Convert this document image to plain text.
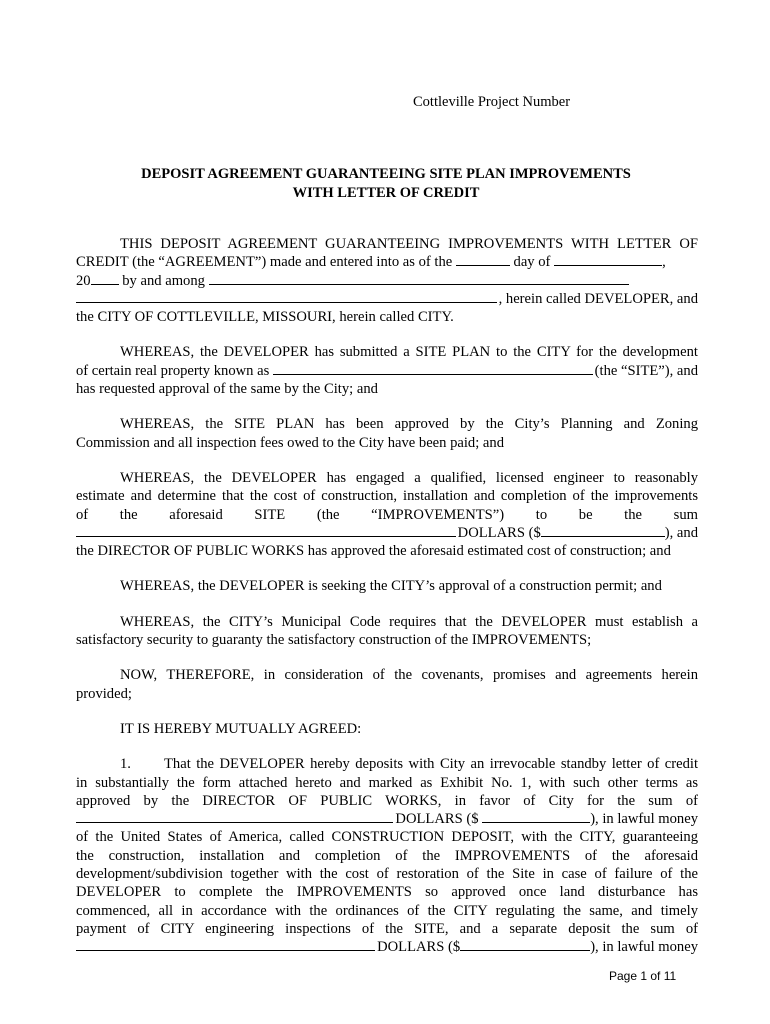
Cottleville Project Number
DEPOSIT AGREEMENT GUARANTEEING SITE PLAN IMPROVEMENTS
WITH LETTER OF CREDIT

THIS DEPOSIT AGREEMENT GUARANTEEING IMPROVEMENTS WITH LETTER OF
CREDIT (the “AGREEMENT”) made and entered into as of the	day of	,
20 by and among
, herein called DEVELOPER, and
the CITY OF COTTLEVILLE, MISSOURI, herein called CITY.

WHEREAS, the DEVELOPER has submitted a SITE PLAN to the CITY for the development
of certain real property known as
	(the “SITE”), and
has requested approval of the same by the City; and

WHEREAS, the SITE PLAN has been approved by the City’s Planning and Zoning
Commission and all inspection fees owed to the City have been paid; and

WHEREAS, the DEVELOPER has engaged a qualified, licensed engineer to reasonably
estimate and determine that the cost of construction, installation and completion of the improvements
of the aforesaid SITE (the “IMPROVEMENTS”) to be the sum
DOLLARS ($	), and
the DIRECTOR OF PUBLIC WORKS has approved the aforesaid estimated cost of construction; and

WHEREAS, the DEVELOPER is seeking the CITY’s approval of a construction permit; and

WHEREAS, the CITY’s Municipal Code requires that the DEVELOPER must establish a
satisfactory security to guaranty the satisfactory construction of the IMPROVEMENTS;

NOW, THEREFORE, in consideration of the covenants, promises and agreements herein
provided;

IT IS HEREBY MUTUALLY AGREED:

1. That the DEVELOPER hereby deposits with City an irrevocable standby letter of credit
in substantially the form attached hereto and marked as Exhibit No. 1, with such other terms as
approved by the DIRECTOR OF PUBLIC WORKS, in favor of City for the sum of
DOLLARS ($
	), in lawful money
of the United States of America, called CONSTRUCTION DEPOSIT, with the CITY, guaranteeing
the construction, installation and completion of the IMPROVEMENTS of the aforesaid
development/subdivision together with the cost of restoration of the Site in case of failure of the
DEVELOPER to complete the IMPROVEMENTS so approved once land disturbance has
commenced, all in accordance with the ordinances of the CITY regulating the same, and timely
payment of CITY engineering inspections of the SITE, and a separate deposit the sum of
DOLLARS ($	), in lawful money

Page 1 of 11
